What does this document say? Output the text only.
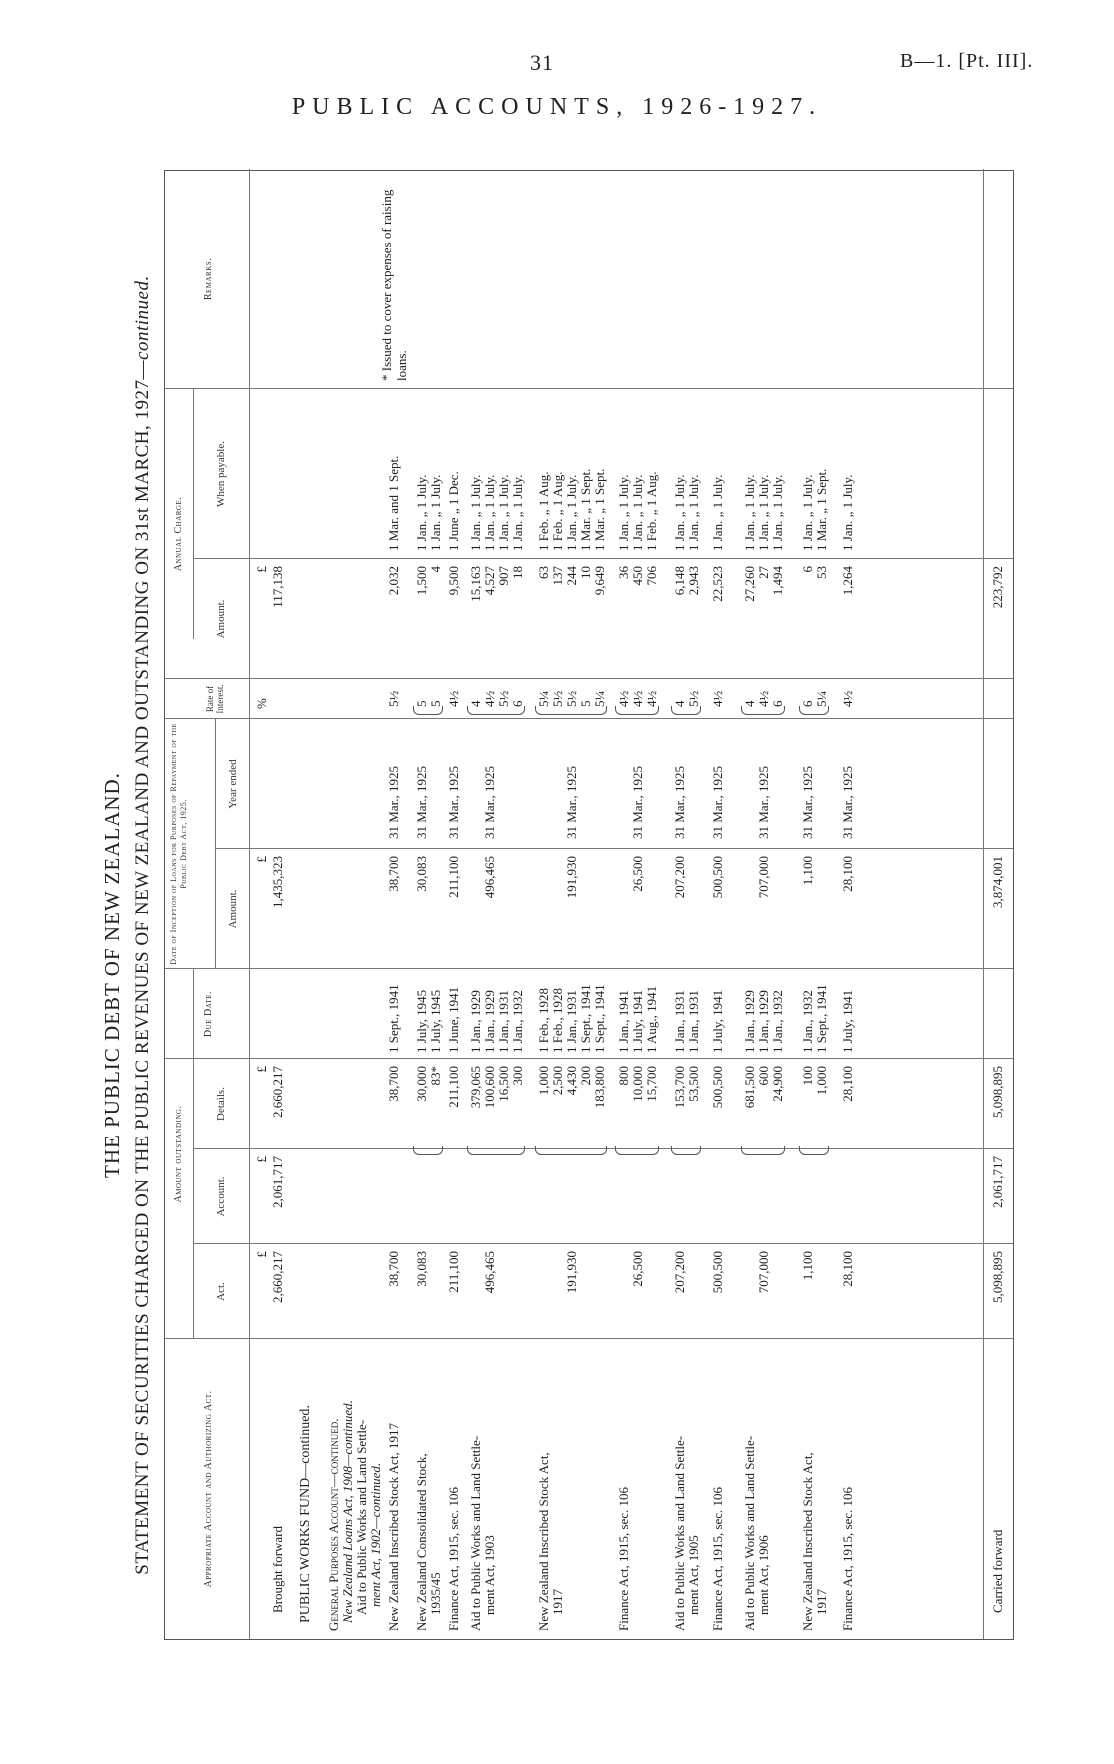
31	B—1. [Pt. III].
PUBLIC ACCOUNTS, 1926-1927.
THE PUBLIC DEBT OF NEW ZEALAND. STATEMENT OF SECURITIES CHARGED ON THE PUBLIC REVENUES OF NEW ZEALAND AND OUTSTANDING ON 31st MARCH, 1927—continued.
Appropriate Account and Authorizing Act.
Amount outstanding.
Act.
Account.
Details.
Due Date.
Date of Inception of Loans for Purposes of Repayment of the Public Debt Act, 1925.
Amount.
Year ended
Rate of Interest.
Annual Charge.
Amount.
When payable.
Remarks.
£
£
£
£
%
£
Brought forward
2,660,217
2,061,717
2,660,217
1,435,323
117,138
PUBLIC WORKS FUND—continued. General Purposes Account—continued. New Zealand Loans Act, 1908—continued. Aid to Public Works and Land Settle- ment Act, 1902—continued. New Zealand Inscribed Stock Act, 1917
38,700
38,700
1 Sept., 1941
38,700
31 Mar., 1925
5½
2,032
1 Mar. and 1 Sept.
New Zealand Consolidated Stock, 1935/45
30,083
30,000 83*
1 July, 1945 1 July, 1945
30,083
31 Mar., 1925
5 5
1,500 4
1 Jan. „ 1 July. 1 Jan. „ 1 July.
Finance Act, 1915, sec. 106
211,100
211,100
1 June, 1941
211,100
31 Mar., 1925
4½
9,500
1 June „ 1 Dec.
Aid to Public Works and Land Settle- ment Act, 1903
496,465
379,065 100,600 16,500 300
1 Jan., 1929 1 Jan., 1929 1 Jan., 1931 1 Jan., 1932
496,465
31 Mar., 1925
4 4½ 5½ 6
15,163 4,527 907 18
1 Jan. „ 1 July. 1 Jan. „ 1 July. 1 Jan. „ 1 July. 1 Jan. „ 1 July.
New Zealand Inscribed Stock Act, 1917
191,930
1,000 2,500 4,430 200 183,800
1 Feb., 1928 1 Feb., 1928 1 Jan., 1931 1 Sept., 1941 1 Sept., 1941
191,930
31 Mar., 1925
5¼ 5½ 5½ 5 5¼
63 137 244 10 9,649
1 Feb. „ 1 Aug. 1 Feb. „ 1 Aug. 1 Jan. „ 1 July. 1 Mar. „ 1 Sept. 1 Mar. „ 1 Sept.
Finance Act, 1915, sec. 106
26,500
800 10,000 15,700
1 Jan., 1941 1 July, 1941 1 Aug., 1941
26,500
31 Mar., 1925
4½ 4½ 4½
36 450 706
1 Jan. „ 1 July. 1 Jan. „ 1 July. 1 Feb. „ 1 Aug.
Aid to Public Works and Land Settle- ment Act, 1905
207,200
153,700 53,500
1 Jan., 1931 1 Jan., 1931
207,200
31 Mar., 1925
4 5½
6,148 2,943
1 Jan. „ 1 July. 1 Jan. „ 1 July.
Finance Act, 1915, sec. 106
500,500
500,500
1 July, 1941
500,500
31 Mar., 1925
4½
22,523
1 Jan. „ 1 July.
Aid to Public Works and Land Settle- ment Act, 1906
707,000
681,500 600 24,900
1 Jan., 1929 1 Jan., 1929 1 Jan., 1932
707,000
31 Mar., 1925
4 4½ 6
27,260 27 1,494
1 Jan. „ 1 July. 1 Jan. „ 1 July. 1 Jan. „ 1 July.
New Zealand Inscribed Stock Act, 1917
1,100
100 1,000
1 Jan., 1932 1 Sept., 1941
1,100
31 Mar., 1925
6 5¼
6 53
1 Jan. „ 1 July. 1 Mar. „ 1 Sept.
Finance Act, 1915, sec. 106
28,100
28,100
1 July, 1941
28,100
31 Mar., 1925
4½
1,264
1 Jan. „ 1 July.
Carried forward
5,098,895
2,061,717
5,098,895
3,874,001
223,792
* Issued to cover expenses of raising loans.
